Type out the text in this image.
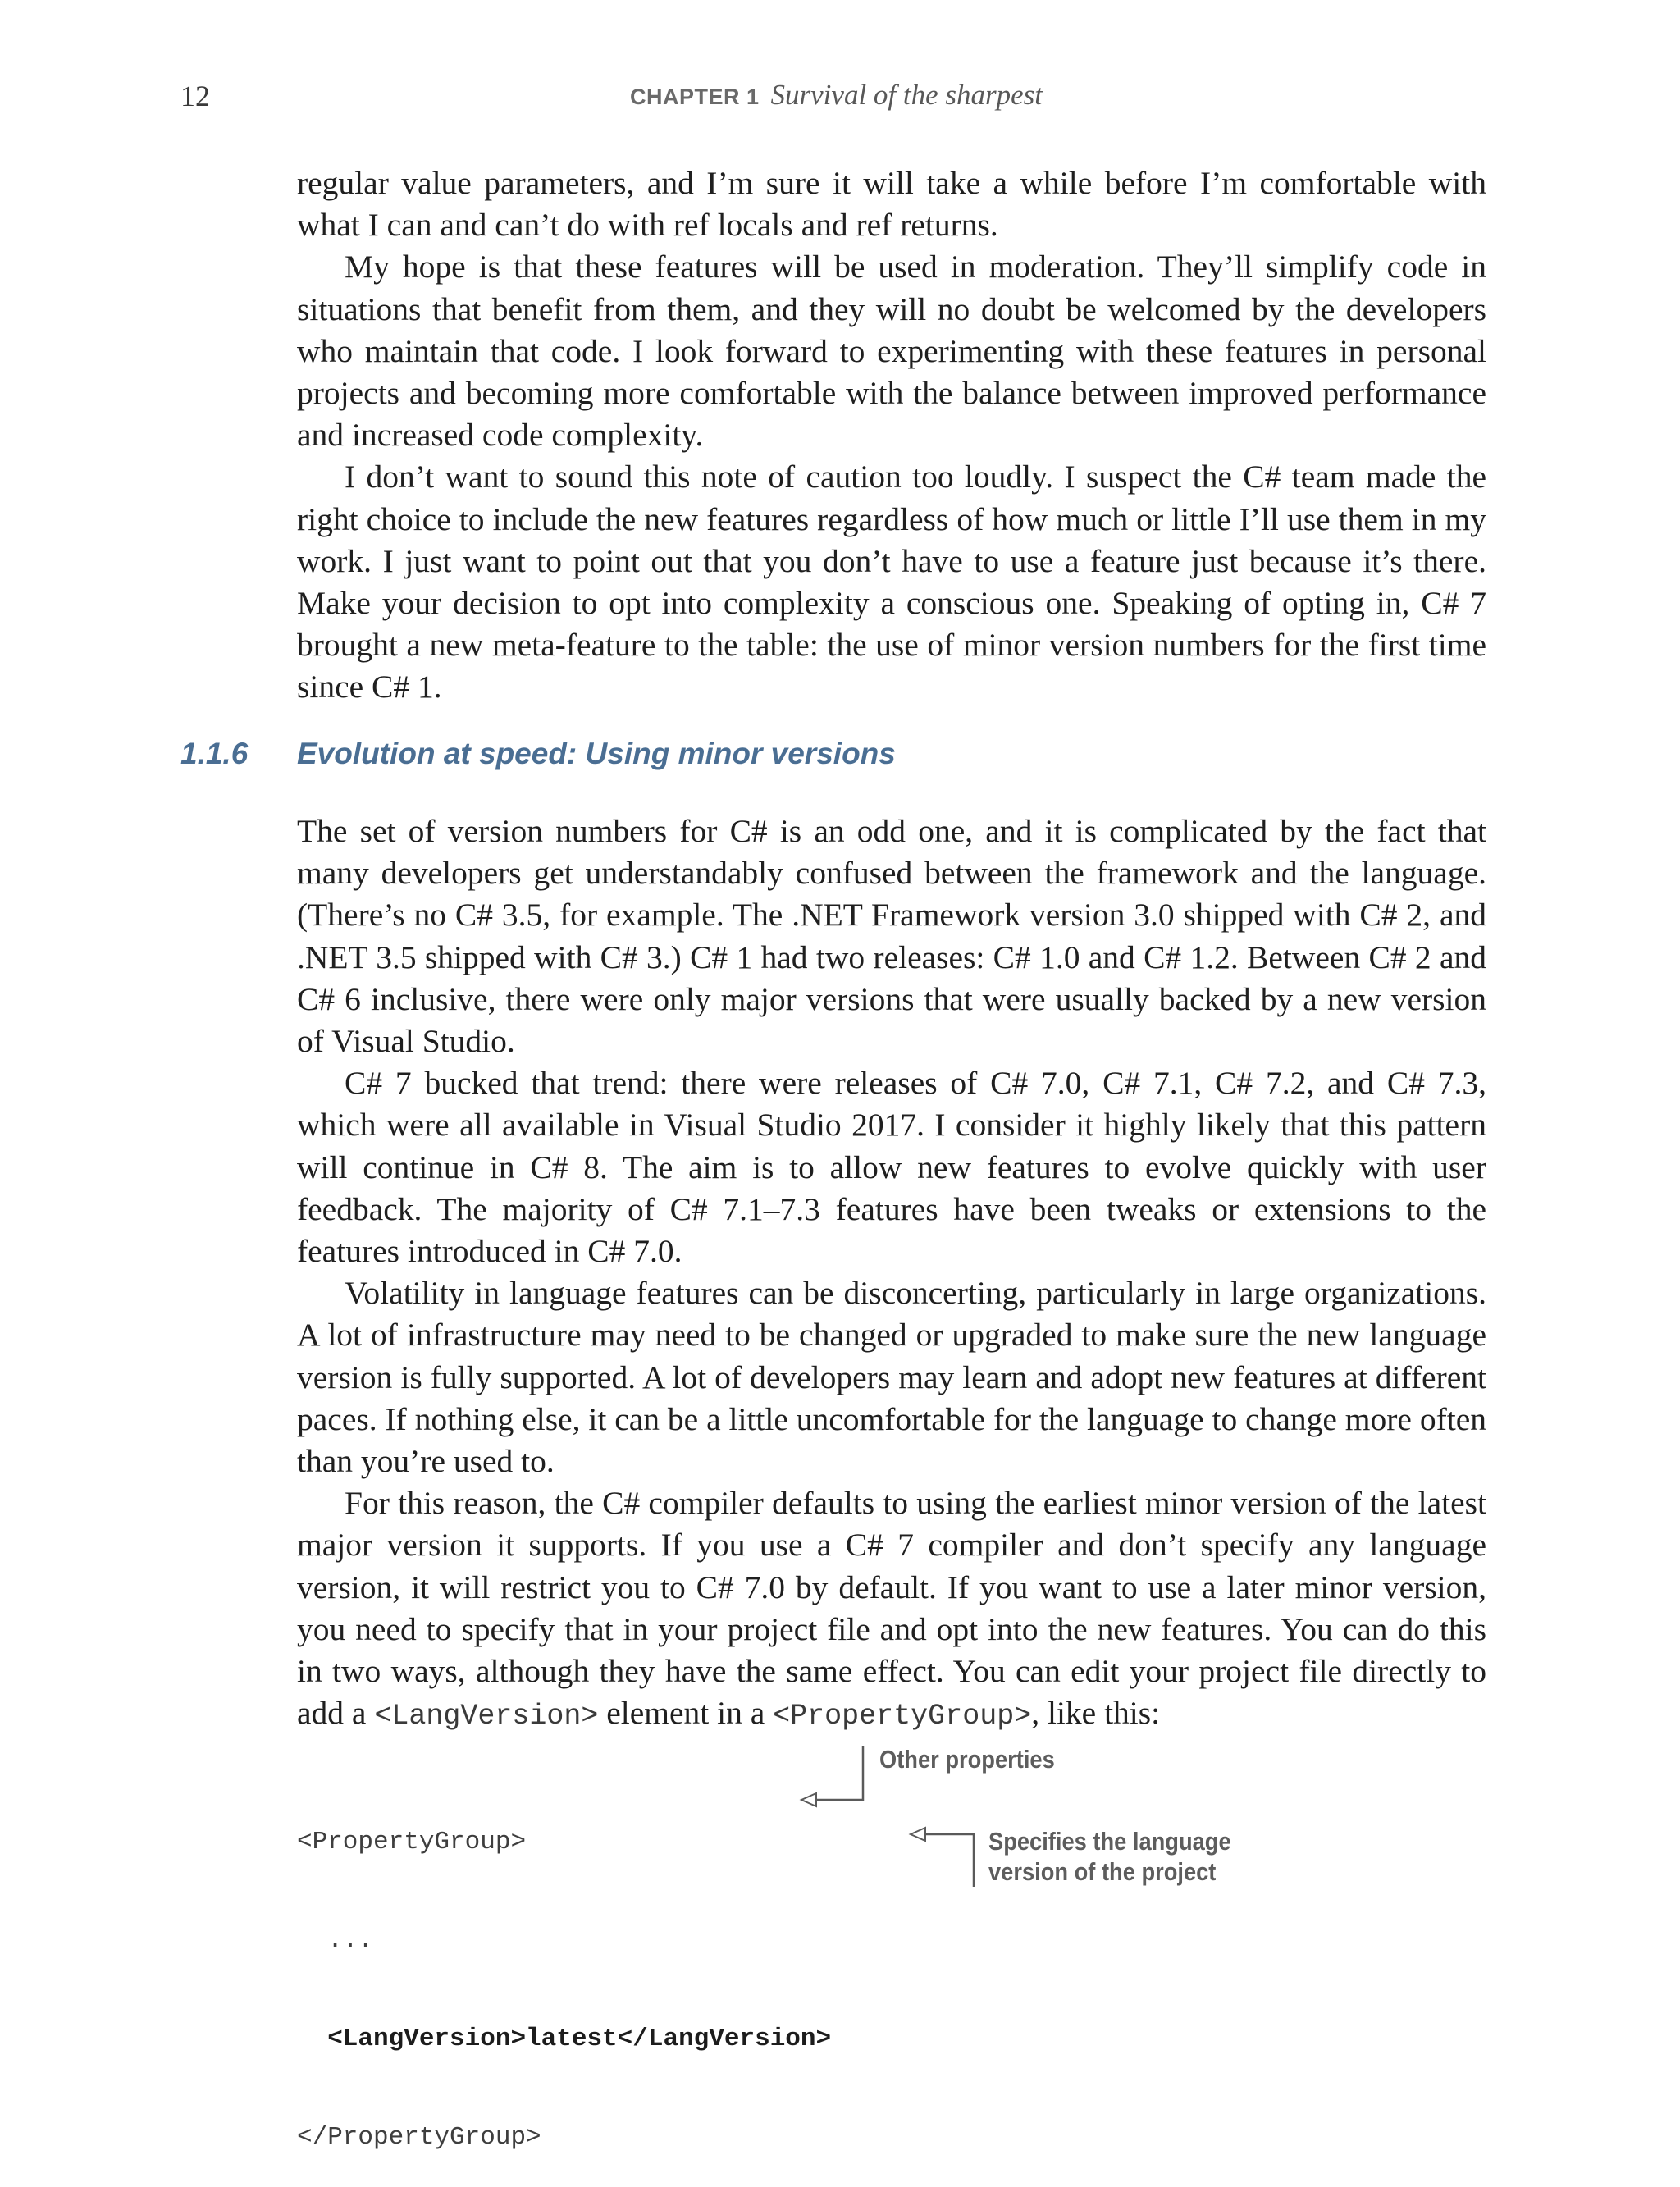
12	CHAPTER 1 Survival of the sharpest

regular value parameters, and I’m sure it will take a while before I’m comfortable with what I can and can’t do with ref locals and ref returns.

My hope is that these features will be used in moderation. They’ll simplify code in situations that benefit from them, and they will no doubt be welcomed by the developers who maintain that code. I look forward to experimenting with these features in personal projects and becoming more comfortable with the balance between improved performance and increased code complexity.

I don’t want to sound this note of caution too loudly. I suspect the C# team made the right choice to include the new features regardless of how much or little I’ll use them in my work. I just want to point out that you don’t have to use a feature just because it’s there. Make your decision to opt into complexity a conscious one. Speaking of opting in, C# 7 brought a new meta-feature to the table: the use of minor version numbers for the first time since C# 1.

1.1.6 Evolution at speed: Using minor versions

The set of version numbers for C# is an odd one, and it is complicated by the fact that many developers get understandably confused between the framework and the language. (There’s no C# 3.5, for example. The .NET Framework version 3.0 shipped with C# 2, and .NET 3.5 shipped with C# 3.) C# 1 had two releases: C# 1.0 and C# 1.2. Between C# 2 and C# 6 inclusive, there were only major versions that were usually backed by a new version of Visual Studio.

C# 7 bucked that trend: there were releases of C# 7.0, C# 7.1, C# 7.2, and C# 7.3, which were all available in Visual Studio 2017. I consider it highly likely that this pattern will continue in C# 8. The aim is to allow new features to evolve quickly with user feedback. The majority of C# 7.1–7.3 features have been tweaks or extensions to the features introduced in C# 7.0.

Volatility in language features can be disconcerting, particularly in large organizations. A lot of infrastructure may need to be changed or upgraded to make sure the new language version is fully supported. A lot of developers may learn and adopt new features at different paces. If nothing else, it can be a little uncomfortable for the language to change more often than you’re used to.

For this reason, the C# compiler defaults to using the earliest minor version of the latest major version it supports. If you use a C# 7 compiler and don’t specify any language version, it will restrict you to C# 7.0 by default. If you want to use a later minor version, you need to specify that in your project file and opt into the new features. You can do this in two ways, although they have the same effect. You can edit your project file directly to add a <LangVersion> element in a <PropertyGroup>, like this:

<PropertyGroup>

...

<LangVersion>latest</LangVersion>

</PropertyGroup>

Other properties
Specifies the language
version of the project
